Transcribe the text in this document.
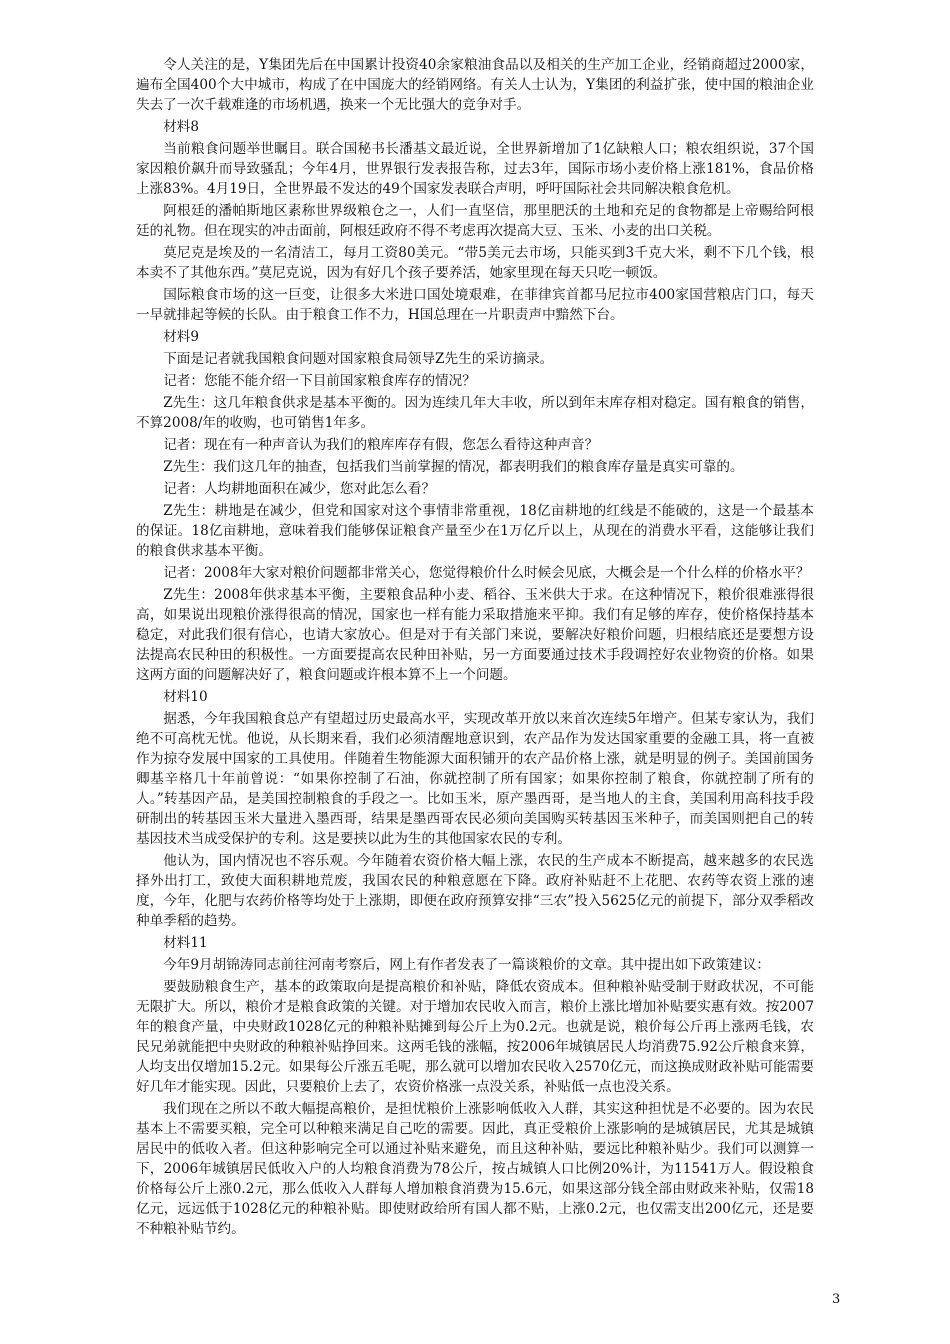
令人关注的是，Y集团先后在中国累计投资40余家粮油食品以及相关的生产加工企业，经销商超过2000家，遍布全国400个大中城市，构成了在中国庞大的经销网络。有关人士认为，Y集团的利益扩张，使中国的粮油企业失去了一次千载难逢的市场机遇，换来一个无比强大的竞争对手。

材料8

当前粮食问题举世瞩目。联合国秘书长潘基文最近说，全世界新增加了1亿缺粮人口；粮农组织说，37个国家因粮价飙升而导致骚乱；今年4月，世界银行发表报告称，过去3年，国际市场小麦价格上涨181%，食品价格上涨83%。4月19日，全世界最不发达的49个国家发表联合声明，呼吁国际社会共同解决粮食危机。

阿根廷的潘帕斯地区素称世界级粮仓之一，人们一直坚信，那里肥沃的土地和充足的食物都是上帝赐给阿根廷的礼物。但在现实的冲击面前，阿根廷政府不得不考虑再次提高大豆、玉米、小麦的出口关税。

莫尼克是埃及的一名清洁工，每月工资80美元。“带5美元去市场，只能买到3千克大米，剩不下几个钱，根本卖不了其他东西。”莫尼克说，因为有好几个孩子要养活，她家里现在每天只吃一顿饭。

国际粮食市场的这一巨变，让很多大米进口国处境艰难，在菲律宾首都马尼拉市400家国营粮店门口，每天一早就排起等候的长队。由于粮食工作不力，H国总理在一片职责声中黯然下台。

材料9

下面是记者就我国粮食问题对国家粮食局领导Z先生的采访摘录。

记者：您能不能介绍一下目前国家粮食库存的情况？

Z先生：这几年粮食供求是基本平衡的。因为连续几年大丰收，所以到年末库存相对稳定。国有粮食的销售，不算2008/年的收购，也可销售1年多。

记者：现在有一种声音认为我们的粮库库存有假，您怎么看待这种声音？

Z先生：我们这几年的抽查，包括我们当前掌握的情况，都表明我们的粮食库存量是真实可靠的。

记者：人均耕地面积在减少，您对此怎么看？

Z先生：耕地是在减少，但党和国家对这个事情非常重视，18亿亩耕地的红线是不能破的，这是一个最基本的保证。18亿亩耕地，意味着我们能够保证粮食产量至少在1万亿斤以上，从现在的消费水平看，这能够让我们的粮食供求基本平衡。

记者：2008年大家对粮价问题都非常关心，您觉得粮价什么时候会见底，大概会是一个什么样的价格水平？

Z先生：2008年供求基本平衡，主要粮食品种小麦、稻谷、玉米供大于求。在这种情况下，粮价很难涨得很高，如果说出现粮价涨得很高的情况，国家也一样有能力采取措施来平抑。我们有足够的库存，使价格保持基本稳定，对此我们很有信心，也请大家放心。但是对于有关部门来说，要解决好粮价问题，归根结底还是要想方设法提高农民种田的积极性。一方面要提高农民种田补贴，另一方面要通过技术手段调控好农业物资的价格。如果这两方面的问题解决好了，粮食问题或许根本算不上一个问题。

材料10

据悉，今年我国粮食总产有望超过历史最高水平，实现改革开放以来首次连续5年增产。但某专家认为，我们绝不可高枕无忧。他说，从长期来看，我们必须清醒地意识到，农产品作为发达国家重要的金融工具，将一直被作为掠夺发展中国家的工具使用。伴随着生物能源大面积铺开的农产品价格上涨，就是明显的例子。美国前国务卿基辛格几十年前曾说：“如果你控制了石油，你就控制了所有国家；如果你控制了粮食，你就控制了所有的人。”转基因产品，是美国控制粮食的手段之一。比如玉米，原产墨西哥，是当地人的主食，美国利用高科技手段研制出的转基因玉米大量进入墨西哥，结果是墨西哥农民必须向美国购买转基因玉米种子，而美国则把自己的转基因技术当成受保护的专利。这是要挟以此为生的其他国家农民的专利。

他认为，国内情况也不容乐观。今年随着农资价格大幅上涨，农民的生产成本不断提高，越来越多的农民选择外出打工，致使大面积耕地荒废，我国农民的种粮意愿在下降。政府补贴赶不上花肥、农药等农资上涨的速度，今年，化肥与农药价格等均处于上涨期，即便在政府预算安排“三农”投入5625亿元的前提下，部分双季稻改种单季稻的趋势。

材料11

今年9月胡锦涛同志前往河南考察后，网上有作者发表了一篇谈粮价的文章。其中提出如下政策建议：

要鼓励粮食生产，基本的政策取向是提高粮价和补贴，降低农资成本。但种粮补贴受制于财政状况，不可能无限扩大。所以，粮价才是粮食政策的关键。对于增加农民收入而言，粮价上涨比增加补贴要实惠有效。按2007年的粮食产量，中央财政1028亿元的种粮补贴摊到每公斤上为0.2元。也就是说，粮价每公斤再上涨两毛钱，农民兄弟就能把中央财政的种粮补贴挣回来。这两毛钱的涨幅，按2006年城镇居民人均消费75.92公斤粮食来算，人均支出仅增加15.2元。如果每公斤涨五毛呢，那么就可以增加农民收入2570亿元，而这换成财政补贴可能需要好几年才能实现。因此，只要粮价上去了，农资价格涨一点没关系，补贴低一点也没关系。

我们现在之所以不敢大幅提高粮价，是担忧粮价上涨影响低收入人群，其实这种担忧是不必要的。因为农民基本上不需要买粮，完全可以种粮来满足自己吃的需要。因此，真正受粮价上涨影响的是城镇居民，尤其是城镇居民中的低收入者。但这种影响完全可以通过补贴来避免，而且这种补贴，要远比种粮补贴少。我们可以测算一下，2006年城镇居民低收入户的人均粮食消费为78公斤，按占城镇人口比例20%计，为11541万人。假设粮食价格每公斤上涨0.2元，那么低收入人群每人增加粮食消费为15.6元，如果这部分钱全部由财政来补贴，仅需18亿元，远远低于1028亿元的种粮补贴。即使财政给所有国人都不贴，上涨0.2元，也仅需支出200亿元，还是要不种粮补贴节约。

3
